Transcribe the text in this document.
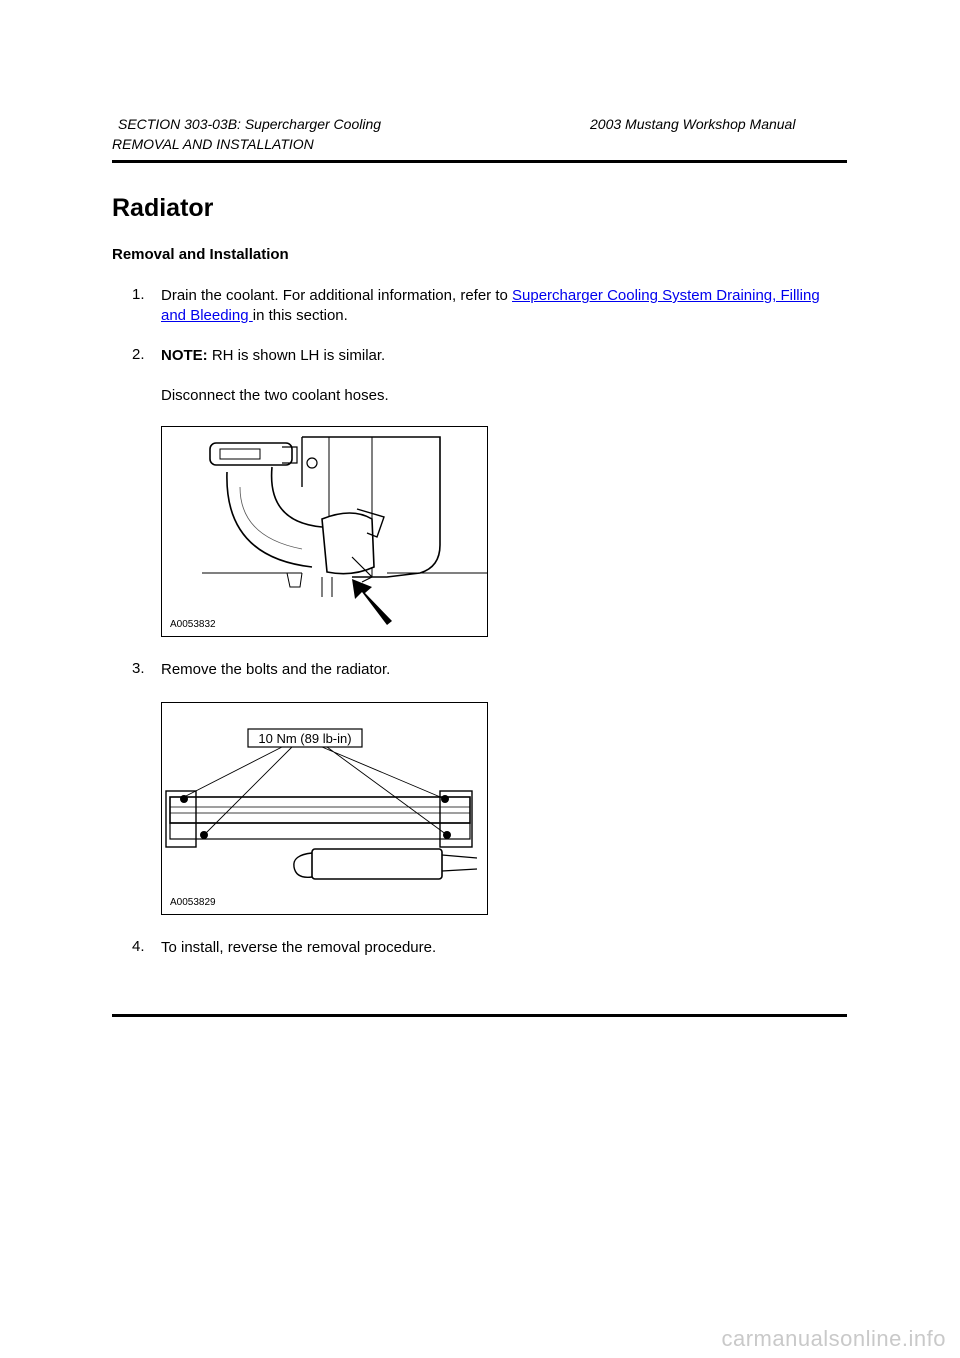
SECTION 303-03B: Supercharger Cooling	2003 Mustang Workshop Manual
REMOVAL AND INSTALLATION
Radiator
Removal and Installation
1. Drain the coolant. For additional information, refer to Supercharger Cooling System Draining, Filling and Bleeding in this section.
2. NOTE: RH is shown LH is similar.
Disconnect the two coolant hoses.
A0053832
3. Remove the bolts and the radiator.
10 Nm (89 lb-in)
A0053829
4. To install, reverse the removal procedure.
carmanualsonline.info
